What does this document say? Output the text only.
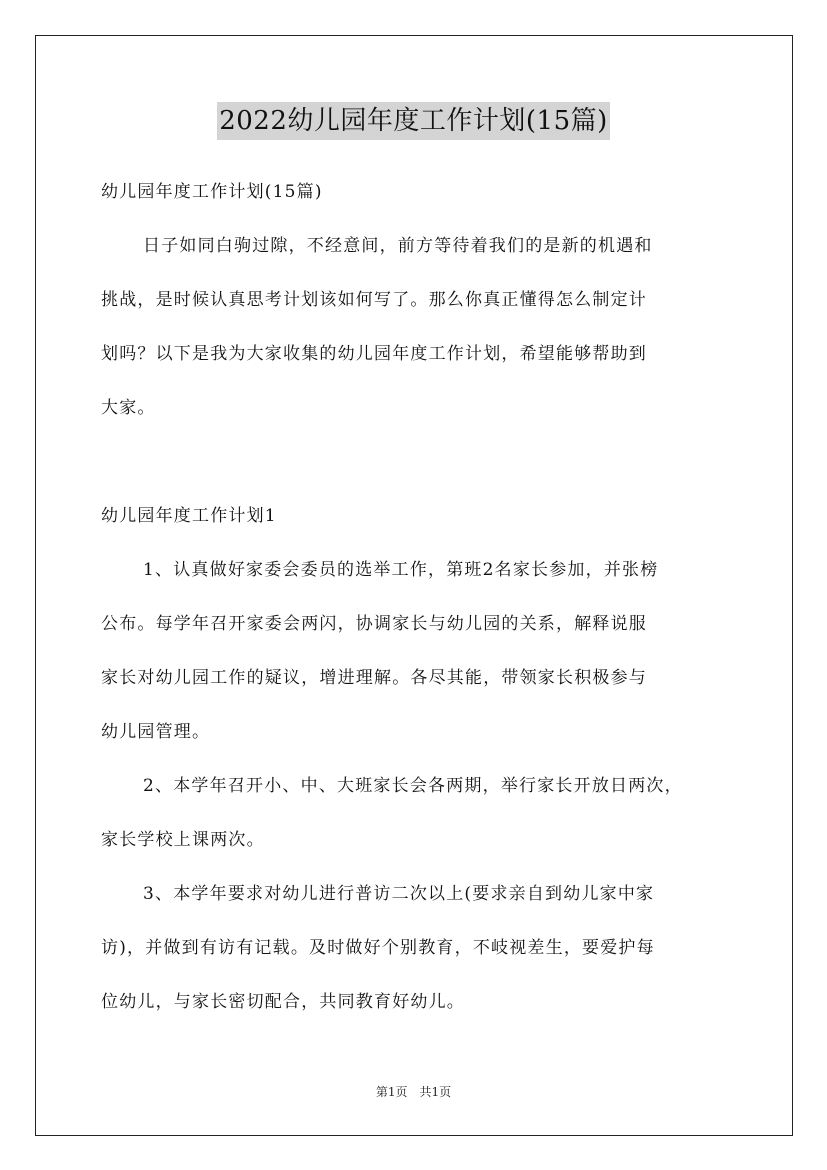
2022幼儿园年度工作计划(15篇)
幼儿园年度工作计划(15篇)
日子如同白驹过隙，不经意间，前方等待着我们的是新的机遇和
挑战，是时候认真思考计划该如何写了。那么你真正懂得怎么制定计
划吗？以下是我为大家收集的幼儿园年度工作计划，希望能够帮助到
大家。
幼儿园年度工作计划1
1、认真做好家委会委员的选举工作，第班2名家长参加，并张榜
公布。每学年召开家委会两闪，协调家长与幼儿园的关系，解释说服
家长对幼儿园工作的疑议，增进理解。各尽其能，带领家长积极参与
幼儿园管理。
2、本学年召开小、中、大班家长会各两期，举行家长开放日两次，
家长学校上课两次。
3、本学年要求对幼儿进行普访二次以上(要求亲自到幼儿家中家
访)，并做到有访有记载。及时做好个别教育，不岐视差生，要爱护每
位幼儿，与家长密切配合，共同教育好幼儿。
第1页　共1页
